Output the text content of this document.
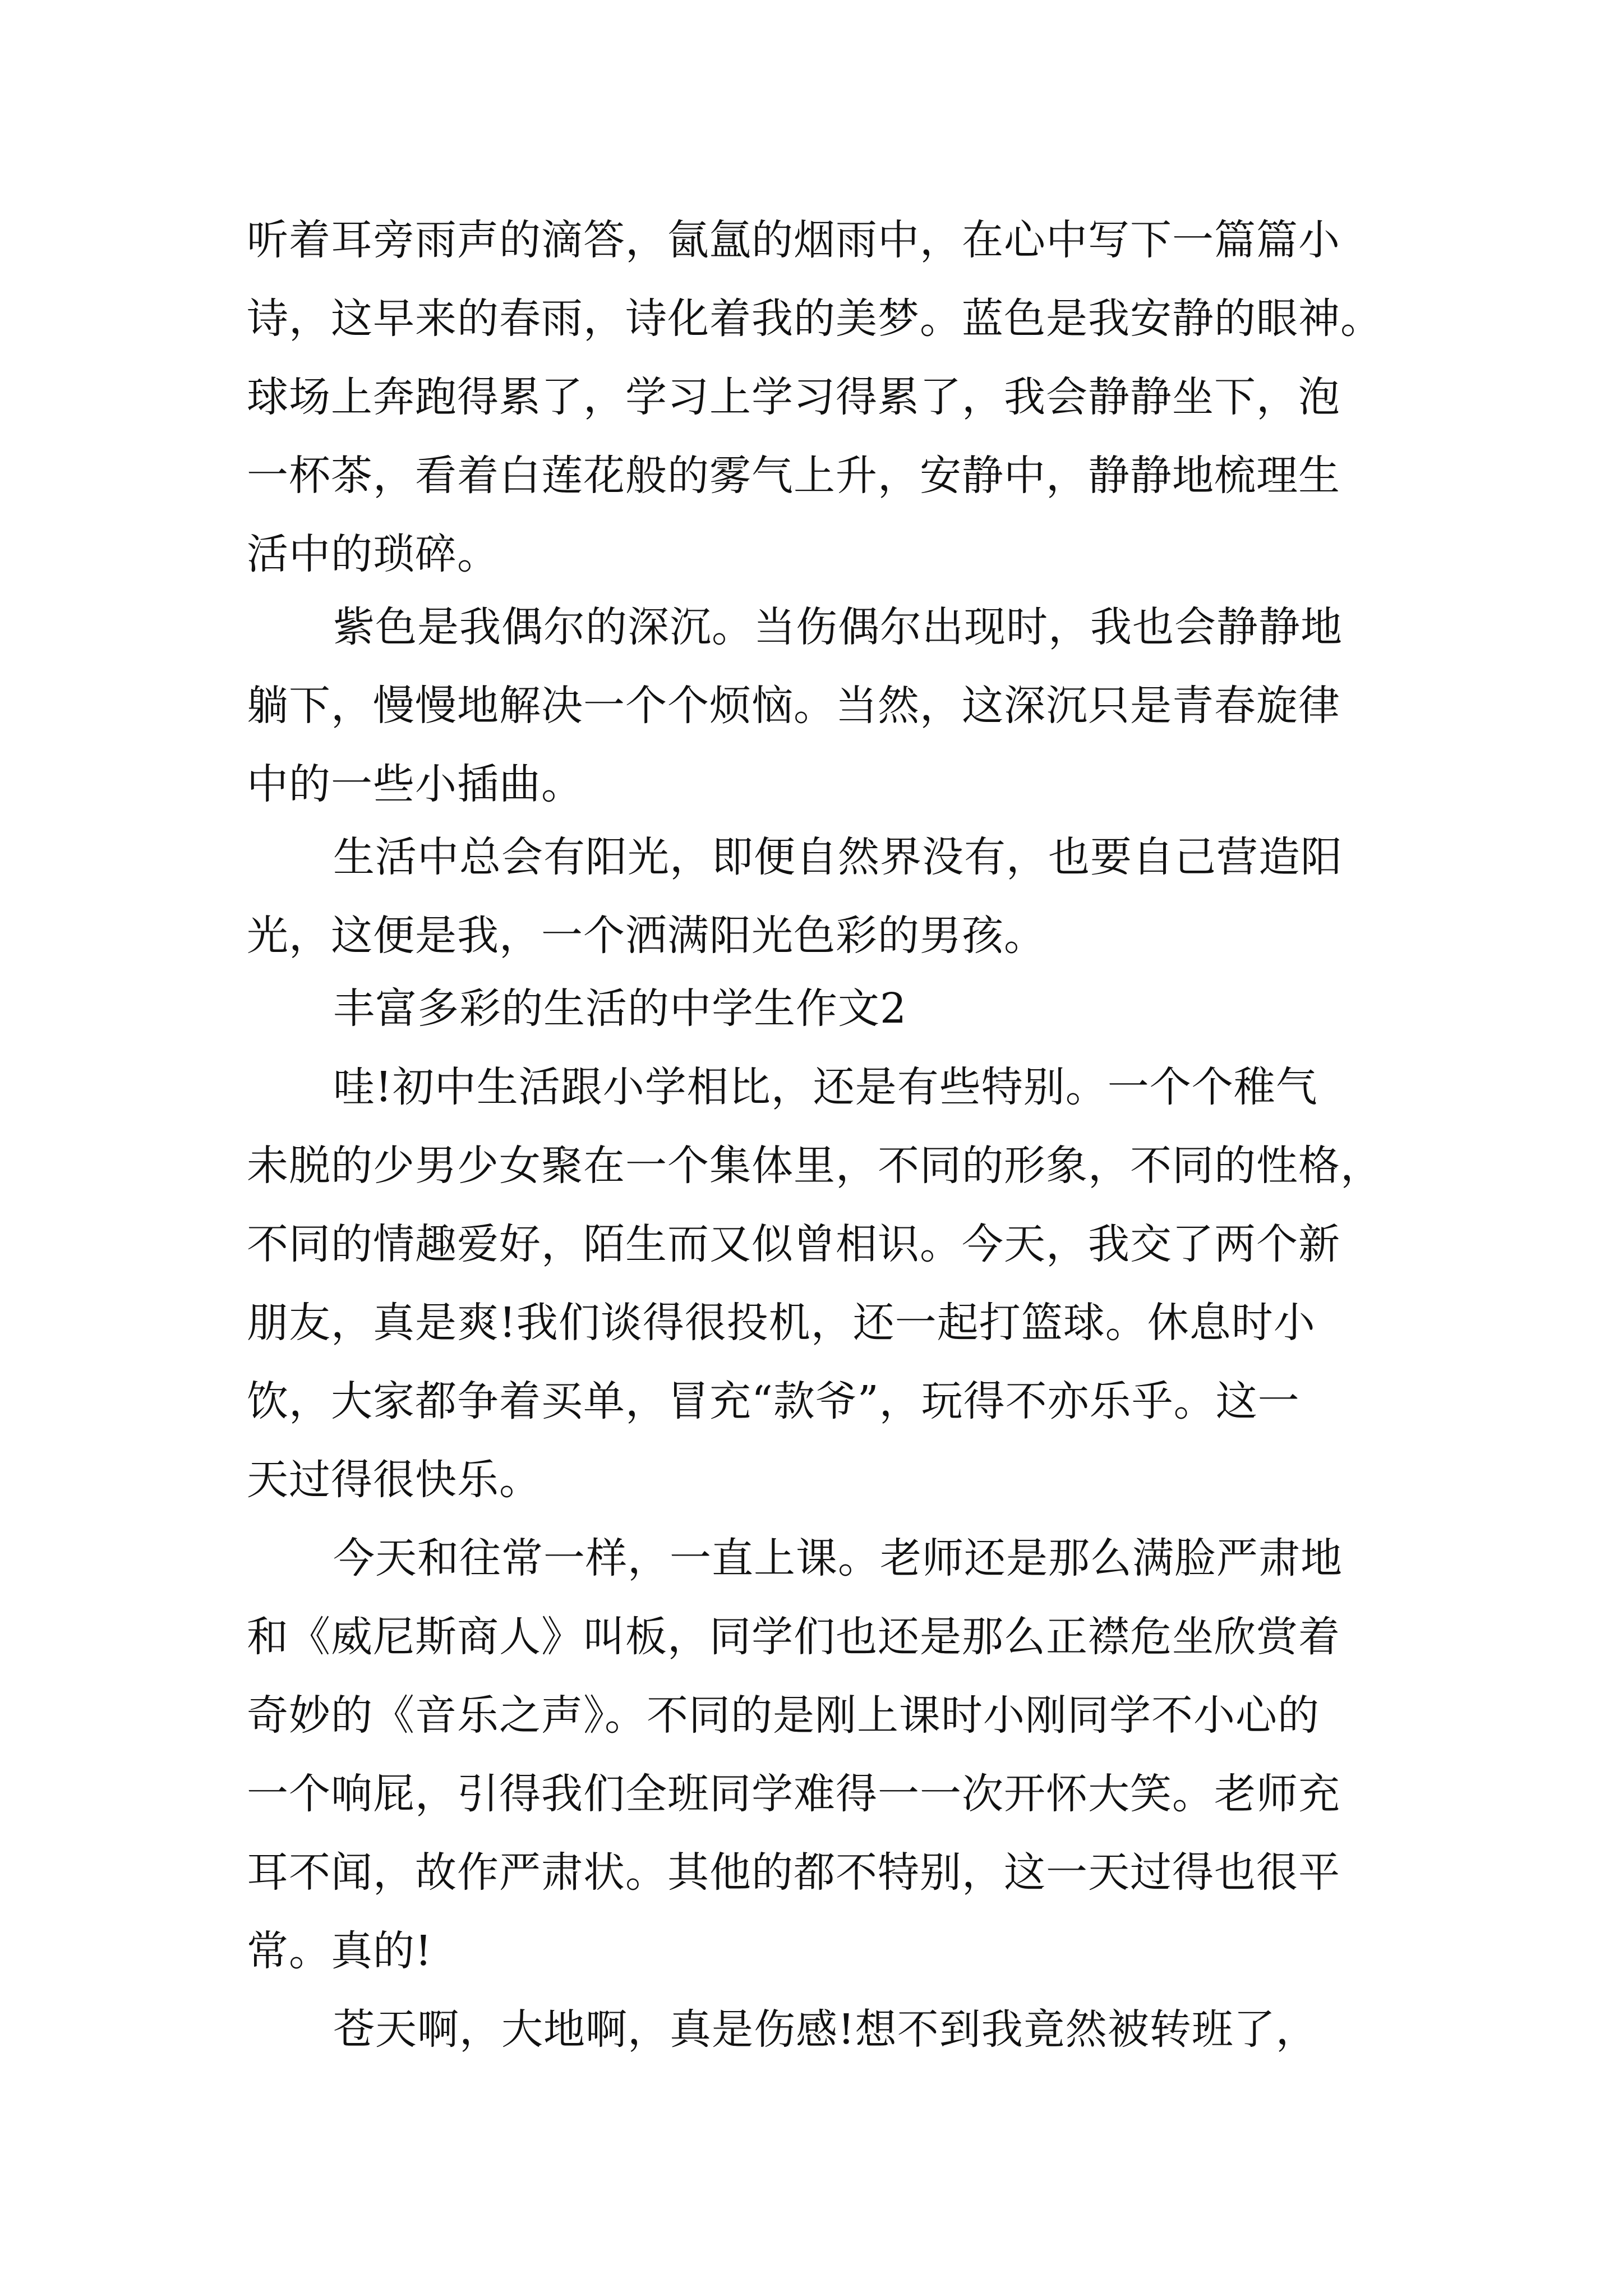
听着耳旁雨声的滴答，氤氲的烟雨中，在心中写下一篇篇小
诗，这早来的春雨，诗化着我的美梦。蓝色是我安静的眼神。
球场上奔跑得累了，学习上学习得累了，我会静静坐下，泡
一杯茶，看着白莲花般的雾气上升，安静中，静静地梳理生
活中的琐碎。
紫色是我偶尔的深沉。当伤偶尔出现时，我也会静静地
躺下，慢慢地解决一个个烦恼。当然，这深沉只是青春旋律
中的一些小插曲。
生活中总会有阳光，即便自然界没有，也要自己营造阳
光，这便是我，一个洒满阳光色彩的男孩。
丰富多彩的生活的中学生作文2
哇!初中生活跟小学相比，还是有些特别。一个个稚气
未脱的少男少女聚在一个集体里，不同的形象，不同的性格，
不同的情趣爱好，陌生而又似曾相识。今天，我交了两个新
朋友，真是爽!我们谈得很投机，还一起打篮球。休息时小
饮，大家都争着买单，冒充“款爷”，玩得不亦乐乎。这一
天过得很快乐。
今天和往常一样，一直上课。老师还是那么满脸严肃地
和《威尼斯商人》叫板，同学们也还是那么正襟危坐欣赏着
奇妙的《音乐之声》。不同的是刚上课时小刚同学不小心的
一个响屁，引得我们全班同学难得一一次开怀大笑。老师充
耳不闻，故作严肃状。其他的都不特别，这一天过得也很平
常。真的!
苍天啊，大地啊，真是伤感!想不到我竟然被转班了，
